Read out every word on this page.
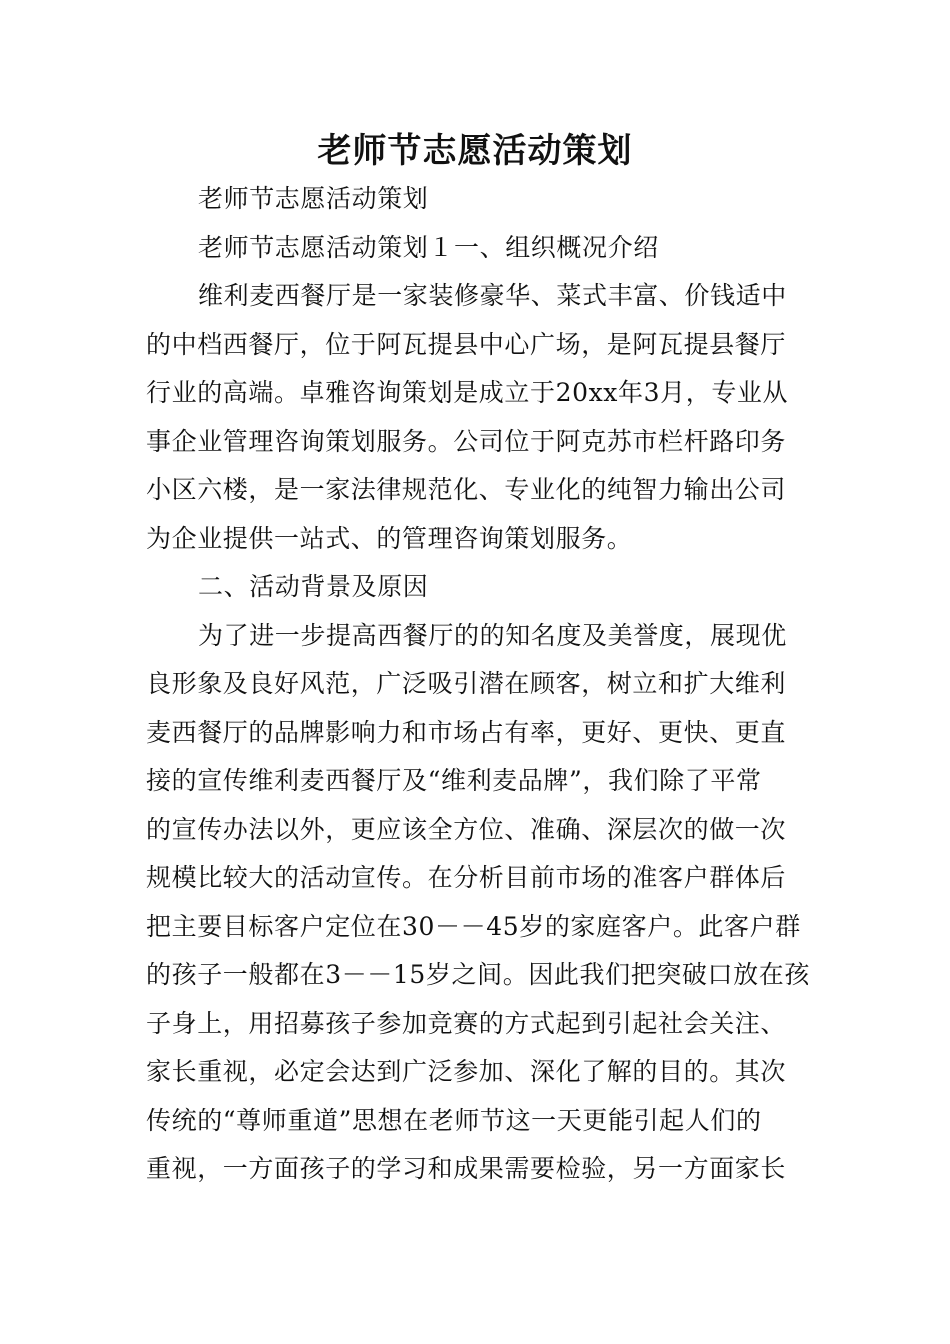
老师节志愿活动策划
老师节志愿活动策划
老师节志愿活动策划１一、组织概况介绍
维利麦西餐厅是一家装修豪华、菜式丰富、价钱适中
的中档西餐厅，位于阿瓦提县中心广场，是阿瓦提县餐厅
行业的高端。卓雅咨询策划是成立于20xx年3月，专业从
事企业管理咨询策划服务。公司位于阿克苏市栏杆路印务
小区六楼，是一家法律规范化、专业化的纯智力输出公司
为企业提供一站式、的管理咨询策划服务。
二、活动背景及原因
为了进一步提高西餐厅的的知名度及美誉度，展现优
良形象及良好风范，广泛吸引潜在顾客，树立和扩大维利
麦西餐厅的品牌影响力和市场占有率，更好、更快、更直
接的宣传维利麦西餐厅及“维利麦品牌”，我们除了平常
的宣传办法以外，更应该全方位、准确、深层次的做一次
规模比较大的活动宣传。在分析目前市场的准客户群体后
把主要目标客户定位在30－－45岁的家庭客户。此客户群
的孩子一般都在3－－15岁之间。因此我们把突破口放在孩
子身上，用招募孩子参加竞赛的方式起到引起社会关注、
家长重视，必定会达到广泛参加、深化了解的目的。其次
传统的“尊师重道”思想在老师节这一天更能引起人们的
重视，一方面孩子的学习和成果需要检验，另一方面家长
